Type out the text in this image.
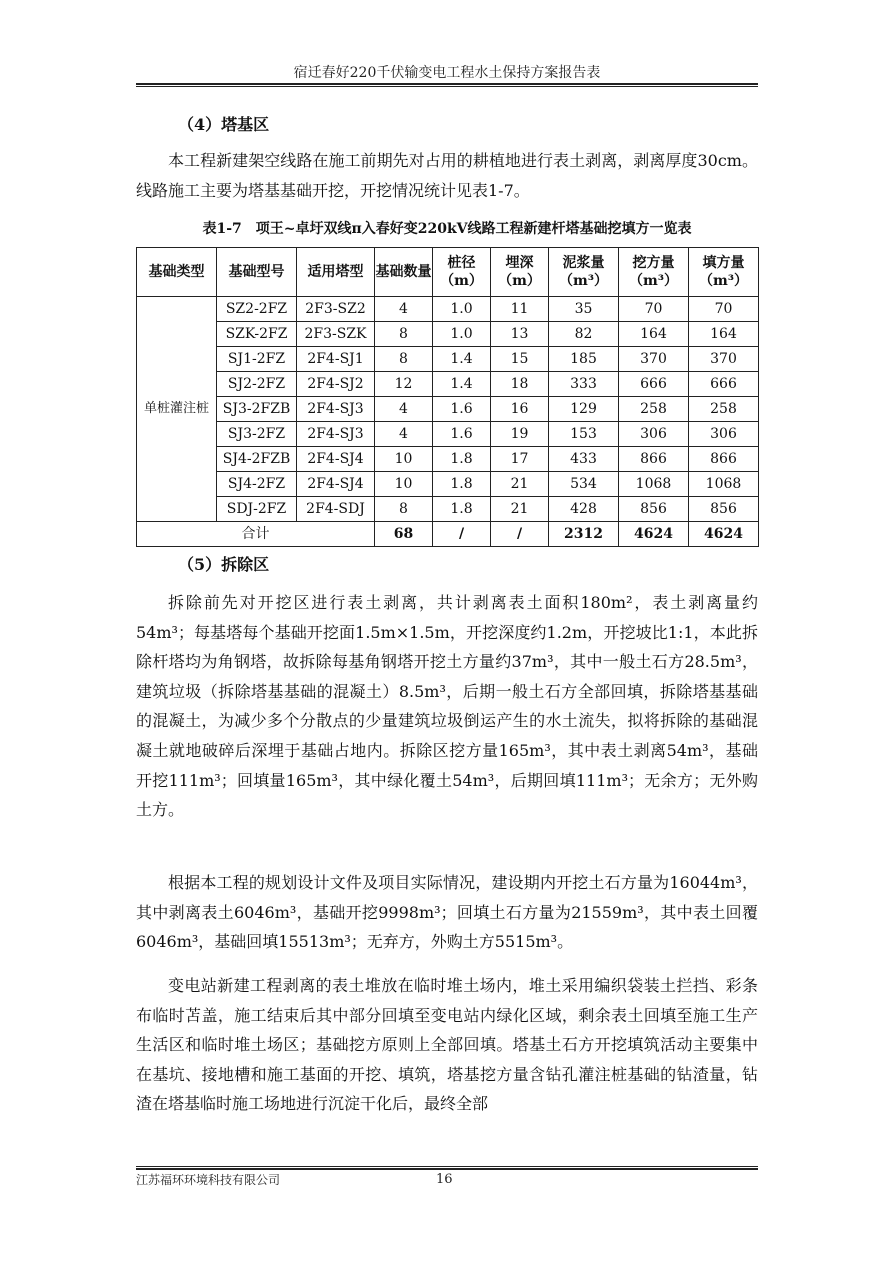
宿迁春好220千伏输变电工程水土保持方案报告表
（4）塔基区

本工程新建架空线路在施工前期先对占用的耕植地进行表土剥离，剥离厚度30cm。线路施工主要为塔基基础开挖，开挖情况统计见表1-7。

表1-7　项王~卓圩双线π入春好变220kV线路工程新建杆塔基础挖填方一览表
基础类型	基础型号	适用塔型	基础数量	桩径（m）	埋深（m）	泥浆量（m³）	挖方量（m³）	填方量（m³）
单桩灌注桩	SZ2-2FZ	2F3-SZ2	4	1.0	11	35	70	70
	SZK-2FZ	2F3-SZK	8	1.0	13	82	164	164
	SJ1-2FZ	2F4-SJ1	8	1.4	15	185	370	370
	SJ2-2FZ	2F4-SJ2	12	1.4	18	333	666	666
	SJ3-2FZB	2F4-SJ3	4	1.6	16	129	258	258
	SJ3-2FZ	2F4-SJ3	4	1.6	19	153	306	306
	SJ4-2FZB	2F4-SJ4	10	1.8	17	433	866	866
	SJ4-2FZ	2F4-SJ4	10	1.8	21	534	1068	1068
	SDJ-2FZ	2F4-SDJ	8	1.8	21	428	856	856
合计			68	/	/	2312	4624	4624
（5）拆除区

拆除前先对开挖区进行表土剥离，共计剥离表土面积180m²，表土剥离量约54m³；每基塔每个基础开挖面1.5m×1.5m，开挖深度约1.2m，开挖坡比1:1，本此拆除杆塔均为角钢塔，故拆除每基角钢塔开挖土方量约37m³，其中一般土石方28.5m³，建筑垃圾（拆除塔基基础的混凝土）8.5m³，后期一般土石方全部回填，拆除塔基基础的混凝土，为减少多个分散点的少量建筑垃圾倒运产生的水土流失，拟将拆除的基础混凝土就地破碎后深埋于基础占地内。拆除区挖方量165m³，其中表土剥离54m³，基础开挖111m³；回填量165m³，其中绿化覆土54m³，后期回填111m³；无余方；无外购土方。

根据本工程的规划设计文件及项目实际情况，建设期内开挖土石方量为16044m³，其中剥离表土6046m³，基础开挖9998m³；回填土石方量为21559m³，其中表土回覆6046m³，基础回填15513m³；无弃方，外购土方5515m³。

变电站新建工程剥离的表土堆放在临时堆土场内，堆土采用编织袋装土拦挡、彩条布临时苫盖，施工结束后其中部分回填至变电站内绿化区域，剩余表土回填至施工生产生活区和临时堆土场区；基础挖方原则上全部回填。塔基土石方开挖填筑活动主要集中在基坑、接地槽和施工基面的开挖、填筑，塔基挖方量含钻孔灌注桩基础的钻渣量，钻渣在塔基临时施工场地进行沉淀干化后，最终全部

江苏福环环境科技有限公司	16
